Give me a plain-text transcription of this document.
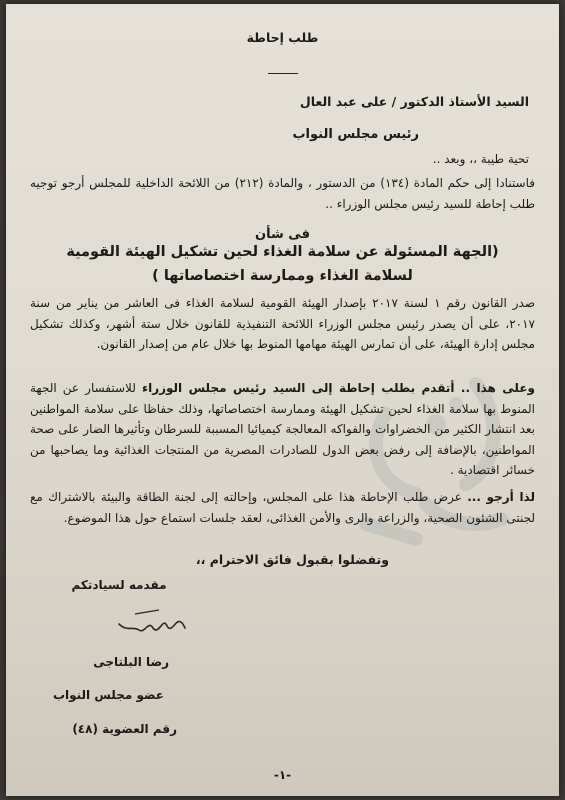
طلب إحاطة
السيد الأستاذ الدكتور / على عبد العال
رئيس مجلس النواب
تحية طيبة ،، وبعد ..
فاستنادا إلى حكم المادة (١٣٤) من الدستور ، والمادة (٢١٢) من اللائحة الداخلية للمجلس أرجو توجيه طلب إحاطة للسيد رئيس مجلس الوزراء ..
فى شأن
(الجهة المسئولة عن سلامة الغذاء لحين تشكيل الهيئة القومية لسلامة الغذاء وممارسة اختصاصاتها )
صدر القانون رقم ١ لسنة ٢٠١٧ بإصدار الهيئة القومية لسلامة الغذاء فى العاشر من يناير من سنة ٢٠١٧، على أن يصدر رئيس مجلس الوزراء اللائحة التنفيذية للقانون خلال ستة أشهر، وكذلك تشكيل مجلس إدارة الهيئة، على أن تمارس الهيئة مهامها المنوط بها خلال عام من إصدار القانون.
وعلى هذا .. أتقدم بطلب إحاطة إلى السيد رئيس مجلس الوزراء للاستفسار عن الجهة المنوط بها سلامة الغذاء لحين تشكيل الهيئة وممارسة اختصاصاتها، وذلك حفاظا على سلامة المواطنين بعد انتشار الكثير من الخضراوات والفواكه المعالجة كيميائيا المسببة للسرطان وتأثيرها الضار على صحة المواطنين، بالإضافة إلى رفض بعض الدول للصادرات المصرية من المنتجات الغذائية وما يصاحبها من خسائر اقتصادية .
لذا أرجو ... عرض طلب الإحاطة هذا على المجلس، وإحالته إلى لجنة الطاقة والبيئة بالاشتراك مع لجنتى الشئون الصحية، والزراعة والرى والأمن الغذائى، لعقد جلسات استماع حول هذا الموضوع.
وتفضلوا بقبول فائق الاحترام ،،
مقدمه لسيادتكم
رضا البلتاجى
عضو مجلس النواب
رقم العضوية (٤٨)
-١-
